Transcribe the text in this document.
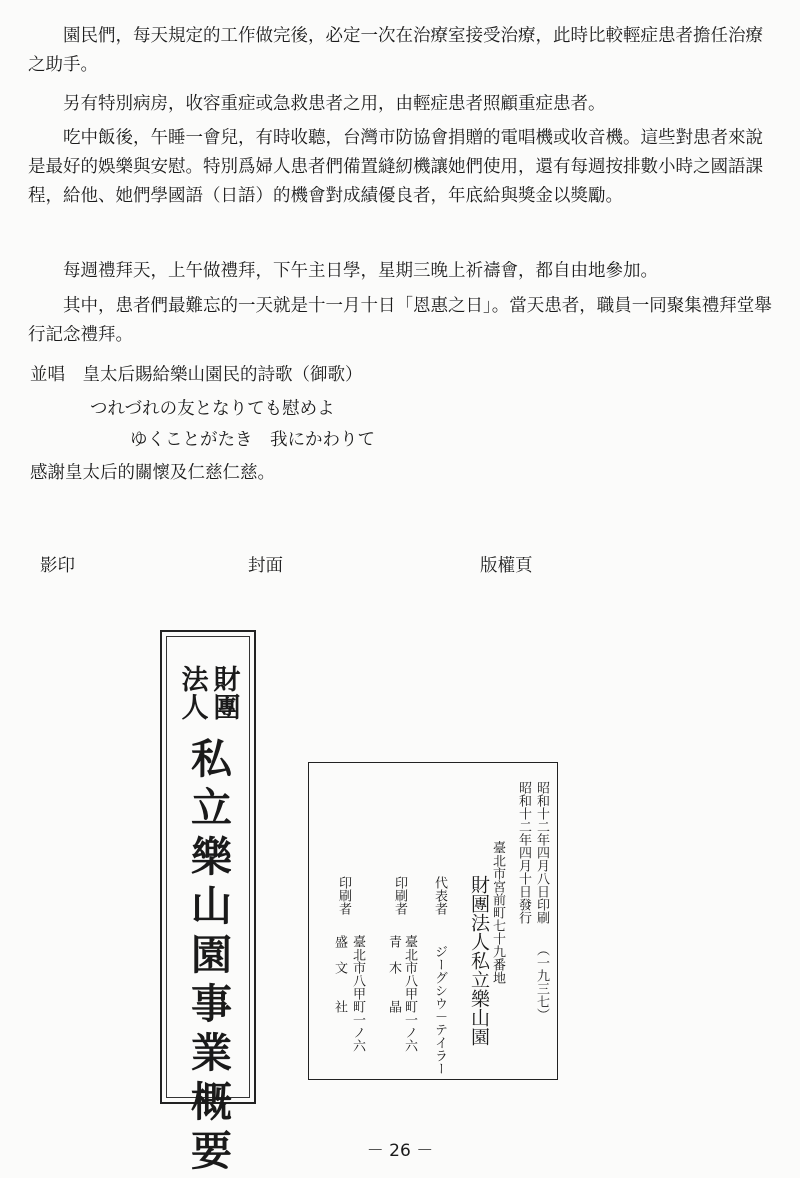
園民們，每天規定的工作做完後，必定一次在治療室接受治療，此時比較輕症患者擔任治療之助手。

另有特別病房，收容重症或急救患者之用，由輕症患者照顧重症患者。

吃中飯後，午睡一會兒，有時收聽，台灣市防協會捐贈的電唱機或收音機。這些對患者來說是最好的娛樂與安慰。特別爲婦人患者們備置縫紉機讓她們使用，還有每週按排數小時之國語課程，給他、她們學國語（日語）的機會對成績優良者，年底給與獎金以獎勵。

每週禮拜天，上午做禮拜，下午主日學，星期三晚上祈禱會，都自由地參加。

其中，患者們最難忘的一天就是十一月十日「恩惠之日」。當天患者，職員一同聚集禮拜堂舉行記念禮拜。

並唱　皇太后賜給樂山園民的詩歌（御歌）
つれづれの友となりても慰めよ
ゆくことがたき　我にかわりて
感謝皇太后的關懷及仁慈仁慈。
影印	封面	版權頁
財團
法人
私立樂山園事業概要	昭和十二年四月八日印刷
昭和十二年四月十日發行
（一九三七）
臺北市宮前町七十九番地
財團法人私立樂山園
代表者
ジーグシウ－テイラー
印刷者
臺北市八甲町一ノ六
青　木　　晶
印刷者
臺北市八甲町一ノ六
盛　文　　社
－ 26 －
